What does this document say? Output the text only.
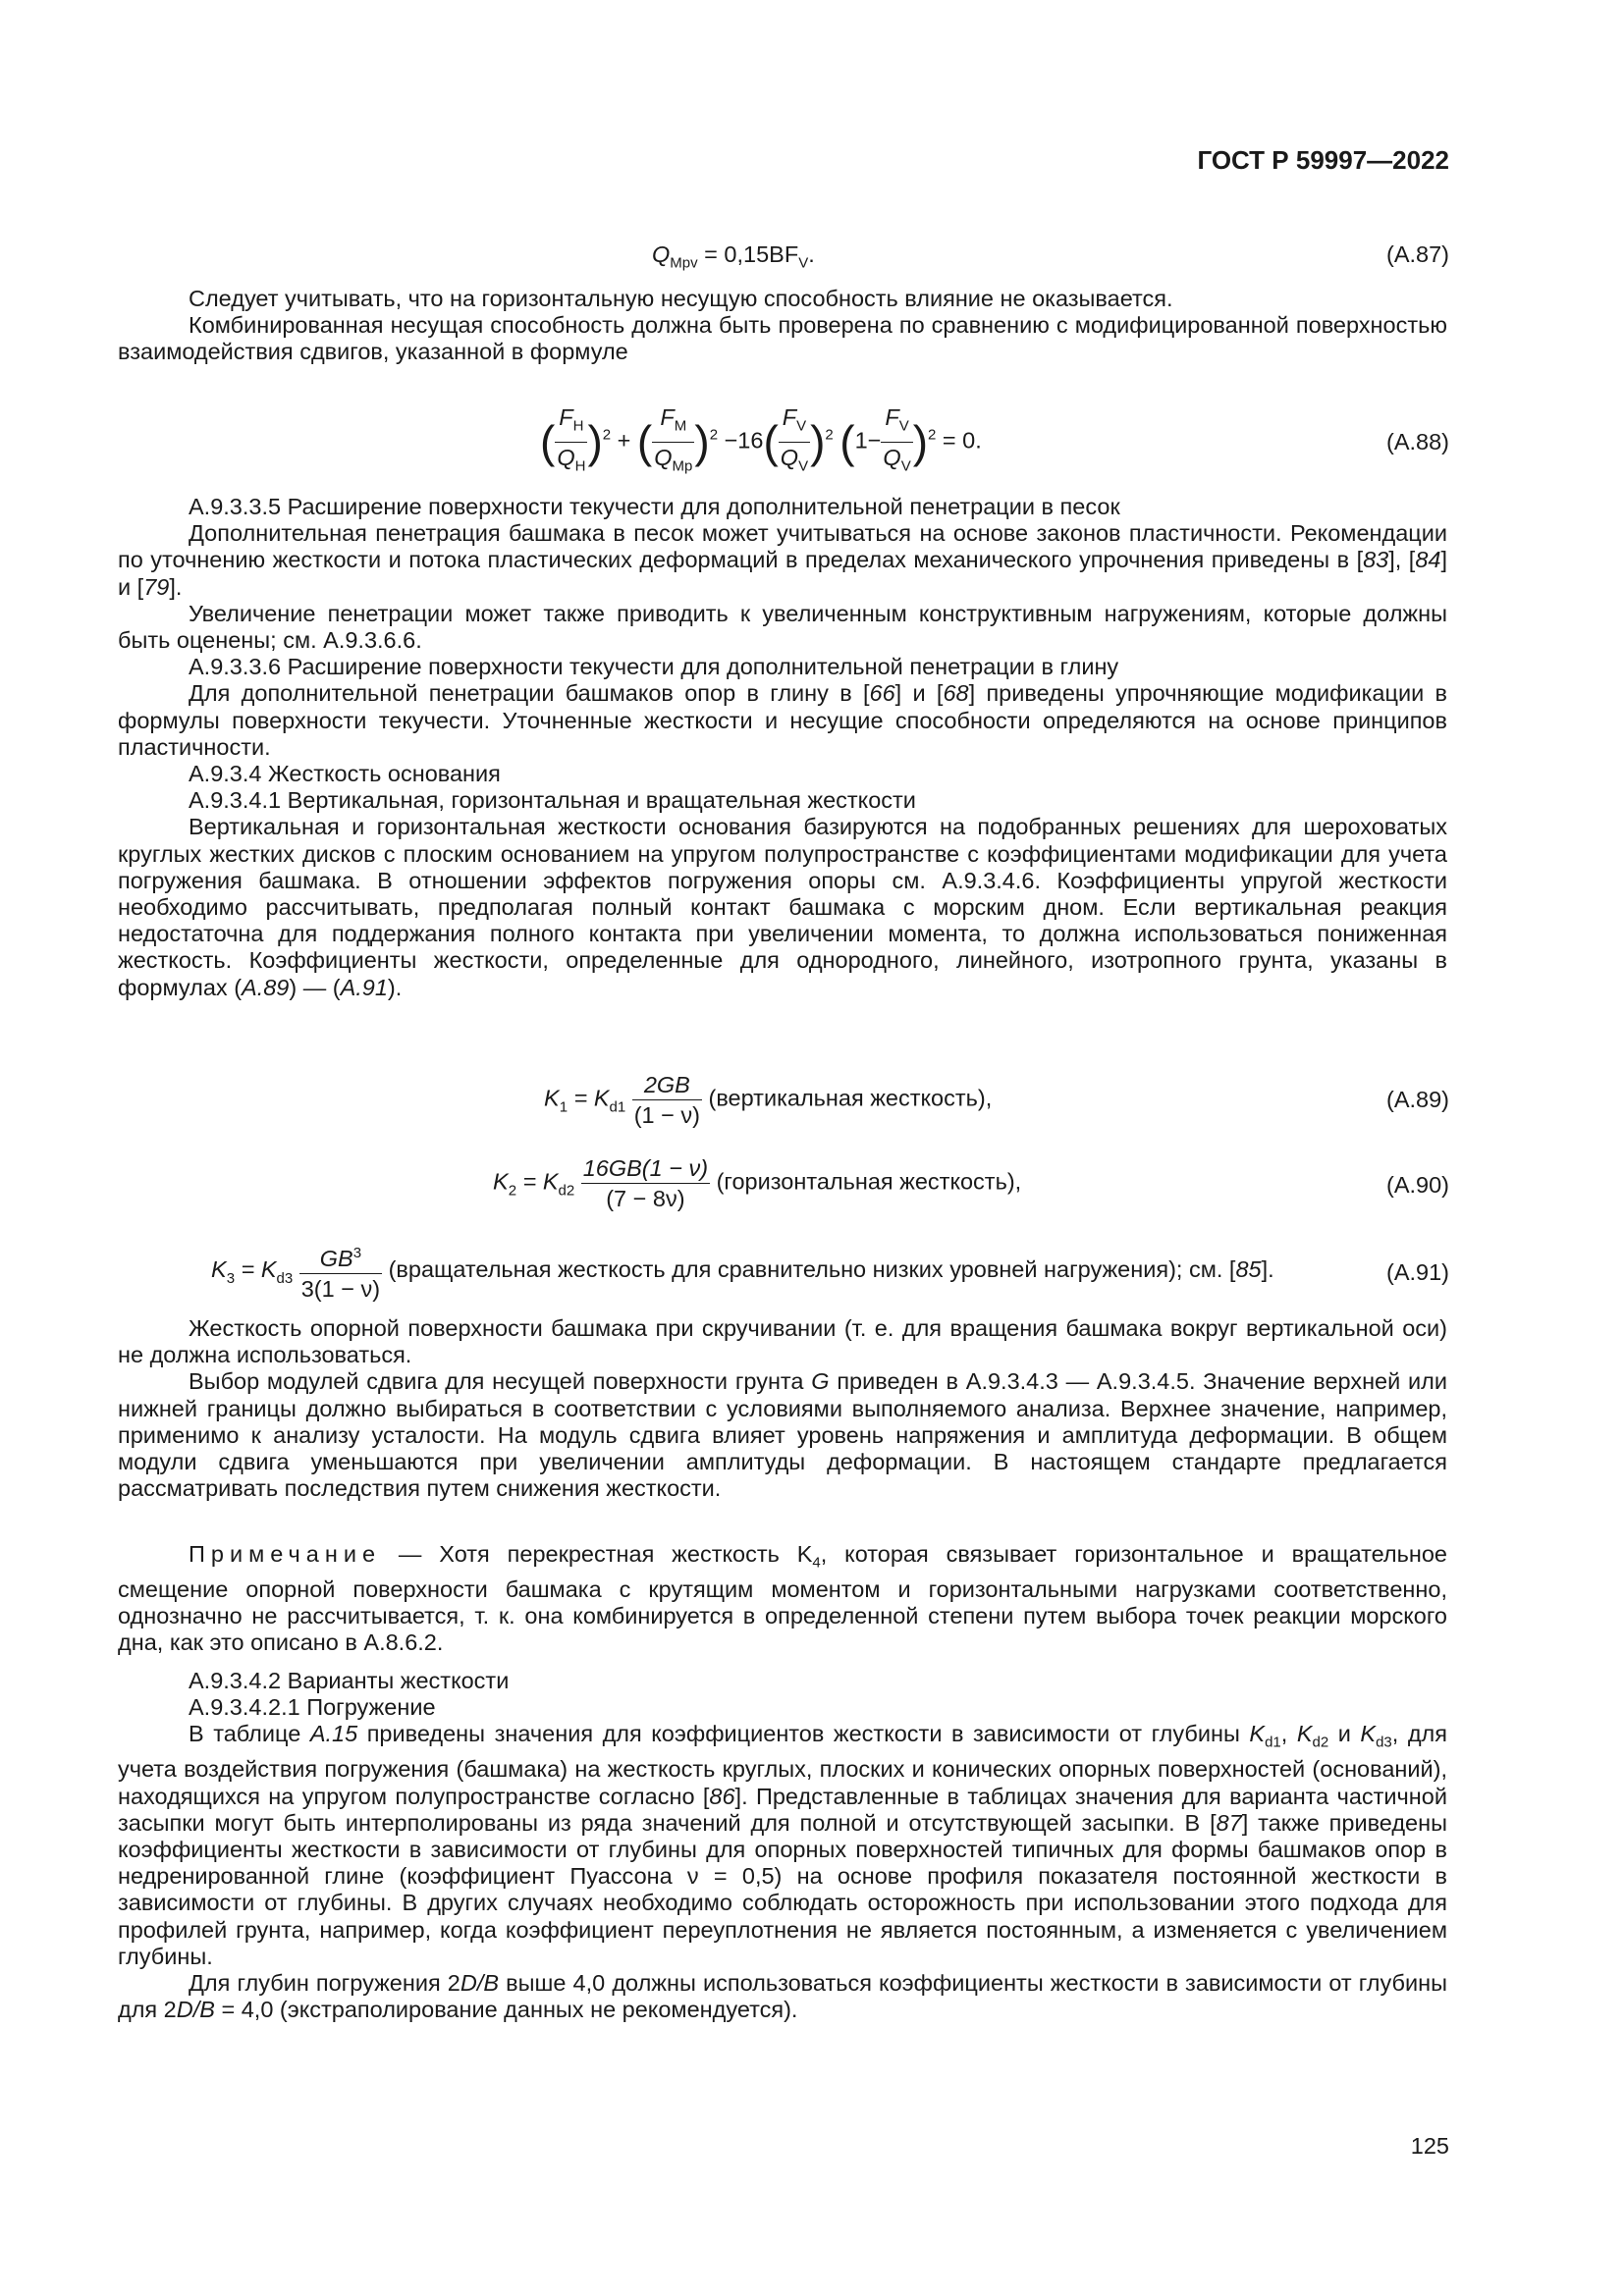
ГОСТ Р 59997—2022
$Q_{Mpv} = 0,15BF_V$.	(A.87)

Следует учитывать, что на горизонтальную несущую способность влияние не оказывается.

Комбинированная несущая способность должна быть проверена по сравнению с модифицированной поверхностью взаимодействия сдвигов, указанной в формуле

( $\frac{F_H}{Q_H} )^2$ + ( $\frac{F_M}{Q_{Mp}} )^2 -16( \frac{F_V}{Q_V} )^2$ $(1- \frac{F_V}{Q_V} )^2 = 0$.	(A.88)

А.9.3.3.5 Расширение поверхности текучести для дополнительной пенетрации в песок

Дополнительная пенетрация башмака в песок может учитываться на основе законов пластичности. Рекомендации по уточнению жесткости и потока пластических деформаций в пределах механического упрочнения приведены в [83], [84] и [79].

Увеличение пенетрации может также приводить к увеличенным конструктивным нагружениям, которые должны быть оценены; см. А.9.3.6.6.

А.9.3.3.6 Расширение поверхности текучести для дополнительной пенетрации в глину

Для дополнительной пенетрации башмаков опор в глину в [66] и [68] приведены упрочняющие модификации в формулы поверхности текучести. Уточненные жесткости и несущие способности определяются на основе принципов пластичности.

А.9.3.4 Жесткость основания

А.9.3.4.1 Вертикальная, горизонтальная и вращательная жесткости

Вертикальная и горизонтальная жесткости основания базируются на подобранных решениях для шероховатых круглых жестких дисков с плоским основанием на упругом полупространстве с коэффициентами модификации для учета погружения башмака. В отношении эффектов погружения опоры см. А.9.3.4.6. Коэффициенты упругой жесткости необходимо рассчитывать, предполагая полный контакт башмака с морским дном. Если вертикальная реакция недостаточна для поддержания полного контакта при увеличении момента, то должна использоваться пониженная жесткость. Коэффициенты жесткости, определенные для однородного, линейного, изотропного грунта, указаны в формулах (A.89) — (A.91).

$K_1 = K_{d1} \frac{2GB}{(1 - \nu)}$ (вертикальная жесткость),	(A.89)
$K_2 = K_{d2} \frac{16GB(1 - \nu)}{(7 - 8\nu)}$ (горизонтальная жесткость),	(A.90)
$K_3 = K_{d3} \frac{GB^3}{3(1 - \nu)}$ (вращательная жесткость для сравнительно низких уровней нагружения); см. [85].	(A.91)

Жесткость опорной поверхности башмака при скручивании (т. е. для вращения башмака вокруг вертикальной оси) не должна использоваться.

Выбор модулей сдвига для несущей поверхности грунта G приведен в А.9.3.4.3 — А.9.3.4.5. Значение верхней или нижней границы должно выбираться в соответствии с условиями выполняемого анализа. Верхнее значение, например, применимо к анализу усталости. На модуль сдвига влияет уровень напряжения и амплитуда деформации. В общем модули сдвига уменьшаются при увеличении амплитуды деформации. В настоящем стандарте предлагается рассматривать последствия путем снижения жесткости.

Примечание — Хотя перекрестная жесткость $K_4$, которая связывает горизонтальное и вращательное смещение опорной поверхности башмака с крутящим моментом и горизонтальными нагрузками соответственно, однозначно не рассчитывается, т. к. она комбинируется в определенной степени путем выбора точек реакции морского дна, как это описано в А.8.6.2.

А.9.3.4.2 Варианты жесткости

А.9.3.4.2.1 Погружение

В таблице A.15 приведены значения для коэффициентов жесткости в зависимости от глубины $K_{d1}$, $K_{d2}$ и $K_{d3}$, для учета воздействия погружения (башмака) на жесткость круглых, плоских и конических опорных поверхностей (оснований), находящихся на упругом полупространстве согласно [86]. Представленные в таблицах значения для варианта частичной засыпки могут быть интерполированы из ряда значений для полной и отсутствующей засыпки. В [87] также приведены коэффициенты жесткости в зависимости от глубины для опорных поверхностей типичных для формы башмаков опор в недренированной глине (коэффициент Пуассона ν = 0,5) на основе профиля показателя постоянной жесткости в зависимости от глубины. В других случаях необходимо соблюдать осторожность при использовании этого подхода для профилей грунта, например, когда коэффициент переуплотнения не является постоянным, а изменяется с увеличением глубины.

Для глубин погружения 2D/B выше 4,0 должны использоваться коэффициенты жесткости в зависимости от глубины для 2D/B = 4,0 (экстраполирование данных не рекомендуется).

125
